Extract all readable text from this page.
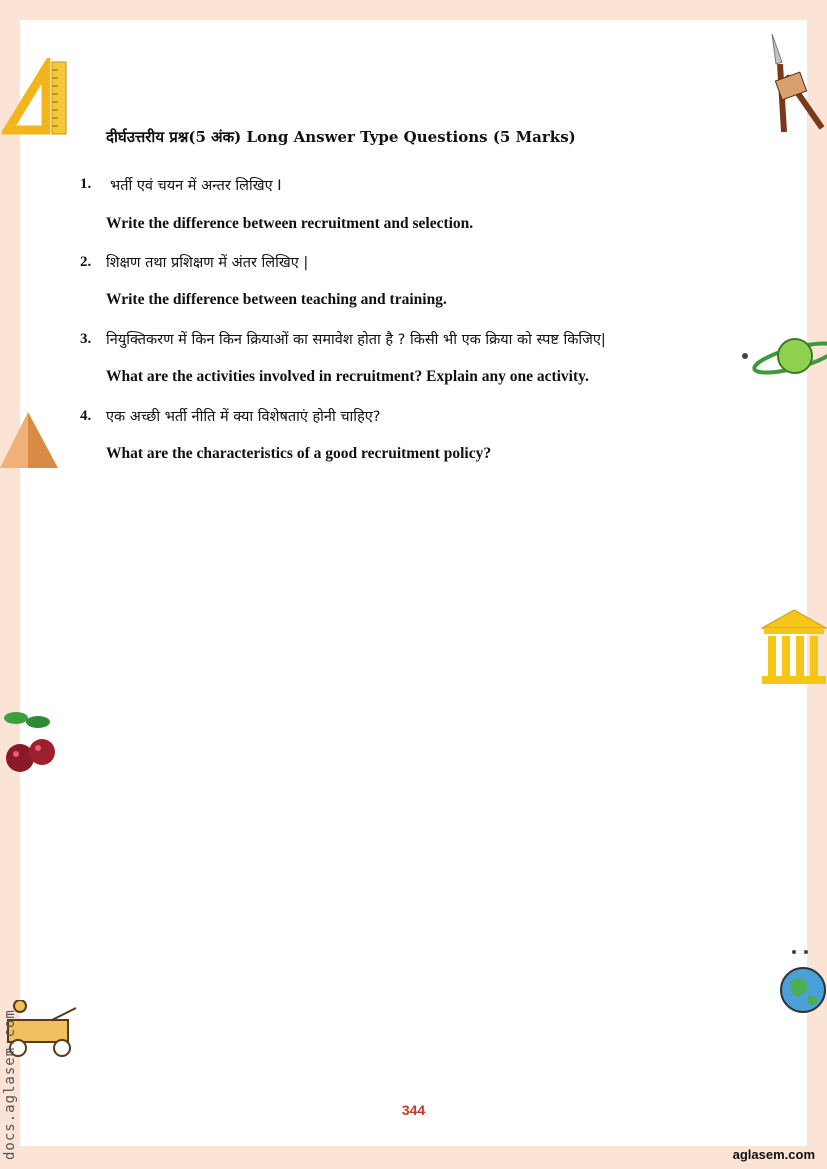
दीर्घउत्तरीय प्रश्न(5 अंक) Long Answer Type Questions (5 Marks)
1. भर्ती एवं चयन में अन्तर लिखिए I
Write the difference between recruitment and selection.
2. शिक्षण तथा प्रशिक्षण में अंतर लिखिए |
Write the difference between teaching and training.
3. नियुक्तिकरण में किन किन क्रियाओं का समावेश होता है ? किसी भी एक क्रिया को स्पष्ट किजिए|
What are the activities involved in recruitment? Explain any one activity.
4. एक अच्छी भर्ती नीति में क्या विशेषताएं होनी चाहिए?
What are the characteristics of a good recruitment policy?
344
aglasem.com
docs.aglasem.com
